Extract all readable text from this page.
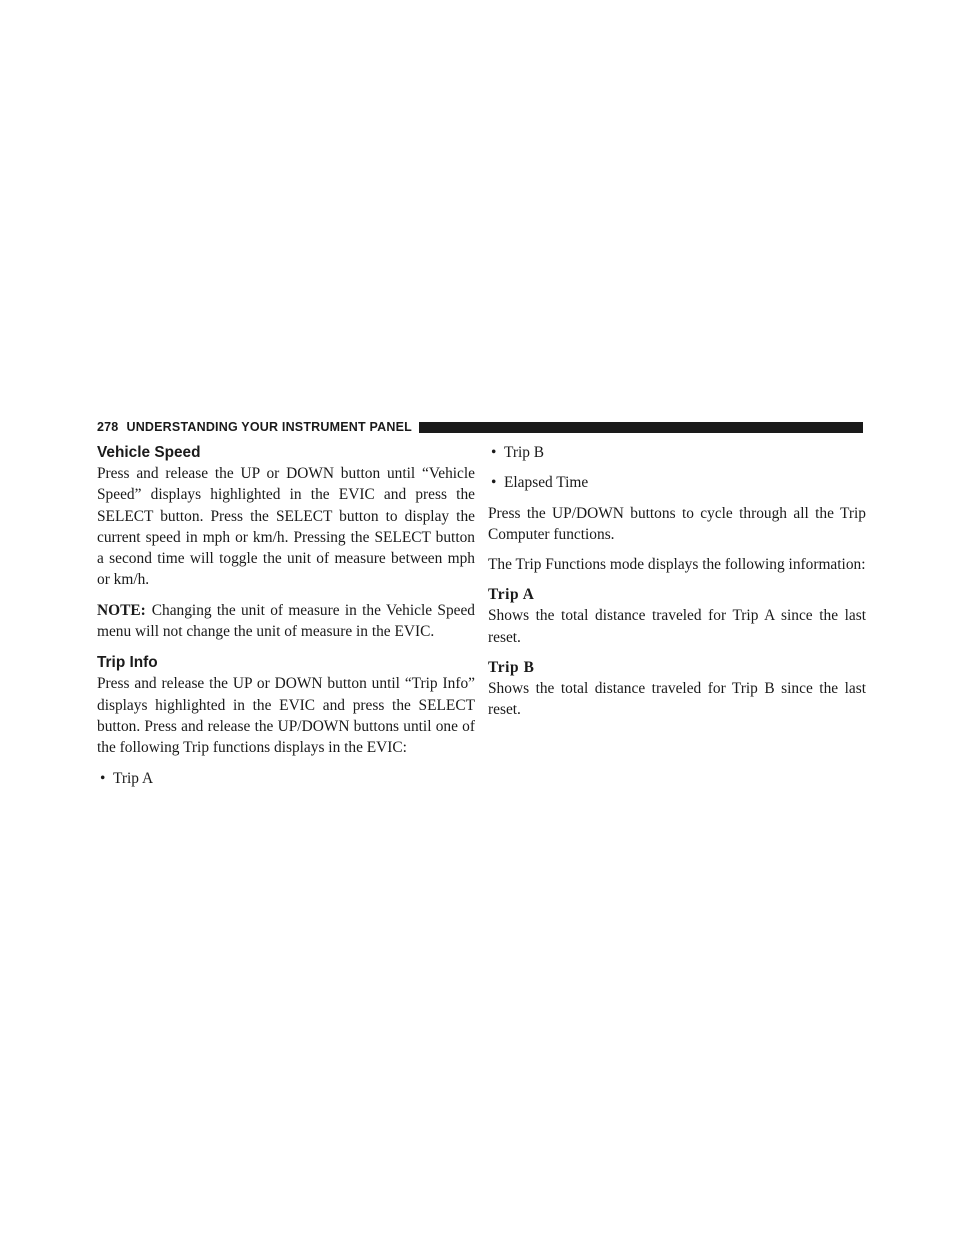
278 UNDERSTANDING YOUR INSTRUMENT PANEL
Vehicle Speed

Press and release the UP or DOWN button until “Vehicle Speed” displays highlighted in the EVIC and press the SELECT button. Press the SELECT button to display the current speed in mph or km/h. Pressing the SELECT button a second time will toggle the unit of measure between mph or km/h.

NOTE: Changing the unit of measure in the Vehicle Speed menu will not change the unit of measure in the EVIC.

Trip Info

Press and release the UP or DOWN button until “Trip Info” displays highlighted in the EVIC and press the SELECT button. Press and release the UP/DOWN buttons until one of the following Trip functions displays in the EVIC:

• Trip A
• Trip B
• Elapsed Time

Press the UP/DOWN buttons to cycle through all the Trip Computer functions.

The Trip Functions mode displays the following information:

Trip A

Shows the total distance traveled for Trip A since the last reset.

Trip B

Shows the total distance traveled for Trip B since the last reset.
